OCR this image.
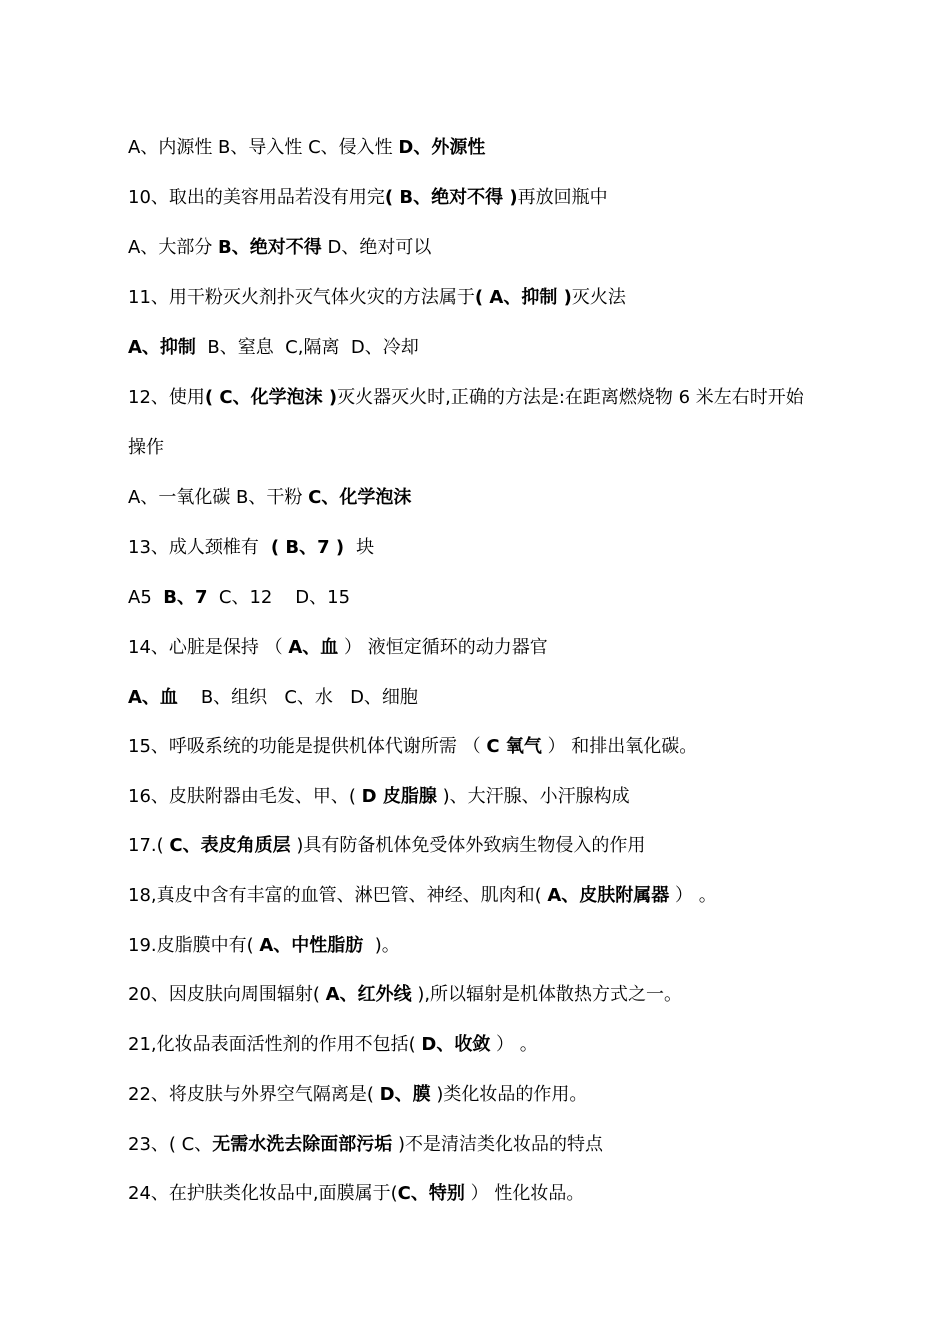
A、内源性 B、导入性 C、侵入性 D、外源性
10、取出的美容用品若没有用完( B、绝对不得 )再放回瓶中
A、大部分 B、绝对不得 D、绝对可以
11、用干粉灭火剂扑灭气体火灾的方法属于( A、抑制 )灭火法
A、抑制  B、窒息  C,隔离  D、冷却
12、使用( C、化学泡沫 )灭火器灭火时,正确的方法是:在距离燃烧物 6 米左右时开始
操作
A、一氧化碳 B、干粉 C、化学泡沫
13、成人颈椎有  ( B、7 )  块
A5  B、7  C、12    D、15
14、心脏是保持 （ A、血 ） 液恒定循环的动力器官
A、血    B、组织   C、水   D、细胞
15、呼吸系统的功能是提供机体代谢所需 （ C 氧气 ） 和排出氧化碳。
16、皮肤附器由毛发、甲、( D 皮脂腺 )、大汗腺、小汗腺构成
17.( C、表皮角质层 )具有防备机体免受体外致病生物侵入的作用
18,真皮中含有丰富的血管、淋巴管、神经、肌肉和( A、皮肤附属器 ） 。
19.皮脂膜中有( A、中性脂肪  )。
20、因皮肤向周围辐射( A、红外线 ),所以辐射是机体散热方式之一。
21,化妆品表面活性剂的作用不包括( D、收敛 ） 。
22、将皮肤与外界空气隔离是( D、膜 )类化妆品的作用。
23、( C、无需水洗去除面部污垢 )不是清洁类化妆品的特点
24、在护肤类化妆品中,面膜属于(C、特别 ） 性化妆品。
